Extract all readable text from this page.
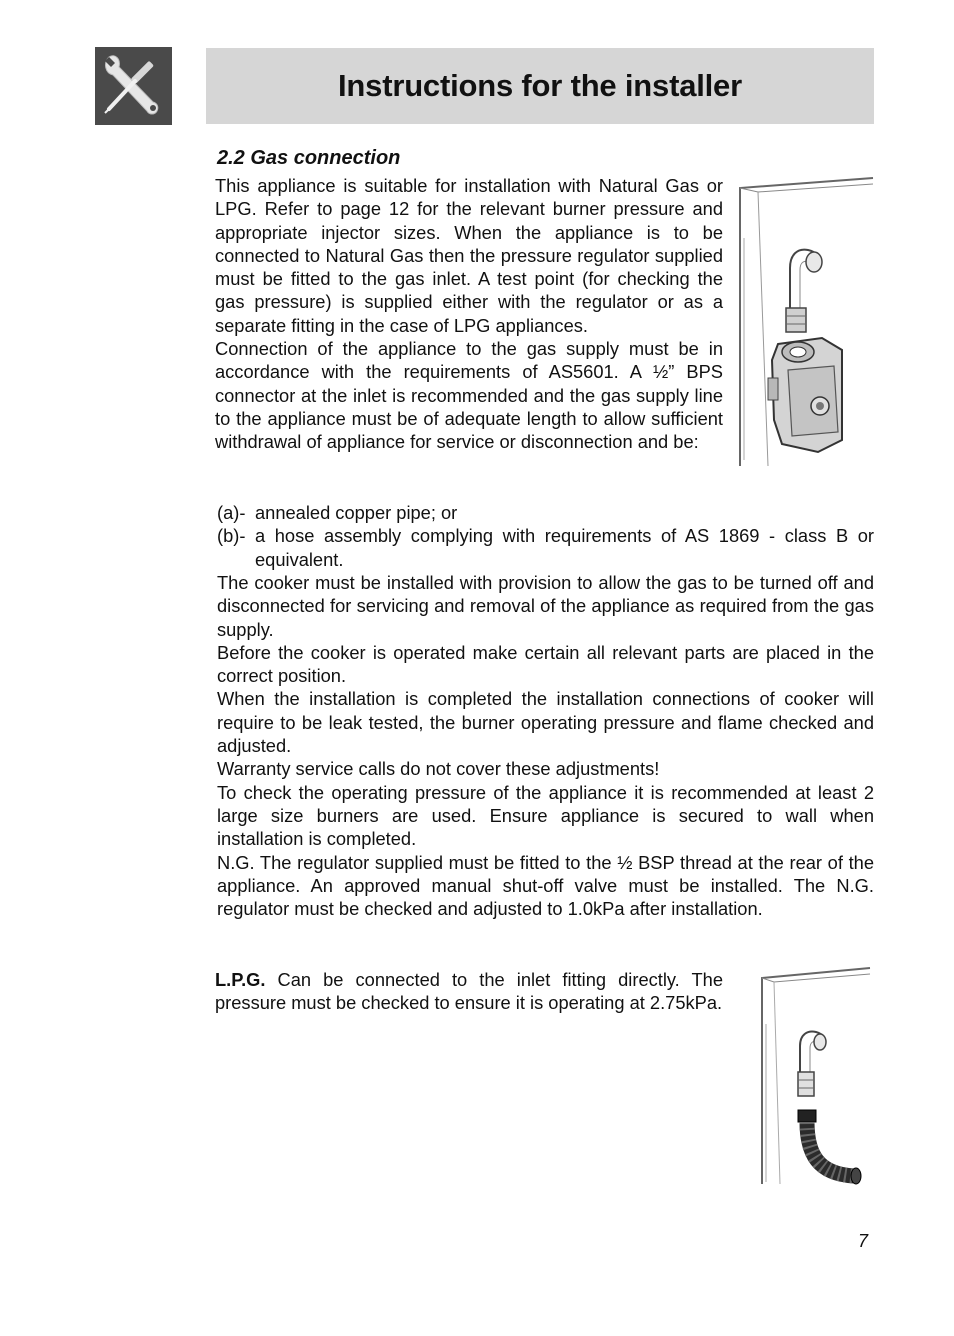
Instructions for the installer
2.2 Gas connection

This appliance is suitable for installation with Natural Gas or LPG. Refer to page 12 for the relevant burner pressure and appropriate injector sizes. When the appliance is to be connected to Natural Gas then the pressure regulator supplied must be fitted to the gas inlet. A test point (for checking the gas pressure) is supplied either with the regulator or as a separate fitting in the case of LPG appliances.

Connection of the appliance to the gas supply must be in accordance with the requirements of AS5601. A ½” BPS connector at the inlet is recommended and the gas supply line to the appliance must be of adequate length to allow sufficient withdrawal of appliance for service or disconnection and be:

(a)- annealed copper pipe; or
(b)- a hose assembly complying with requirements of AS 1869 - class B or equivalent.

The cooker must be installed with provision to allow the gas to be turned off and disconnected for servicing and removal of the appliance as required from the gas supply.

Before the cooker is operated make certain all relevant parts are placed in the correct position.

When the installation is completed the installation connections of cooker will require to be leak tested, the burner operating pressure and flame checked and adjusted.

Warranty service calls do not cover these adjustments!

To check the operating pressure of the appliance it is recommended at least 2 large size burners are used. Ensure appliance is secured to wall when installation is completed.

N.G. The regulator supplied must be fitted to the ½ BSP thread at the rear of the appliance. An approved manual shut-off valve must be installed. The N.G. regulator must be checked and adjusted to 1.0kPa after installation.

L.P.G. Can be connected to the inlet fitting directly. The pressure must be checked to ensure it is operating at 2.75kPa.

7
